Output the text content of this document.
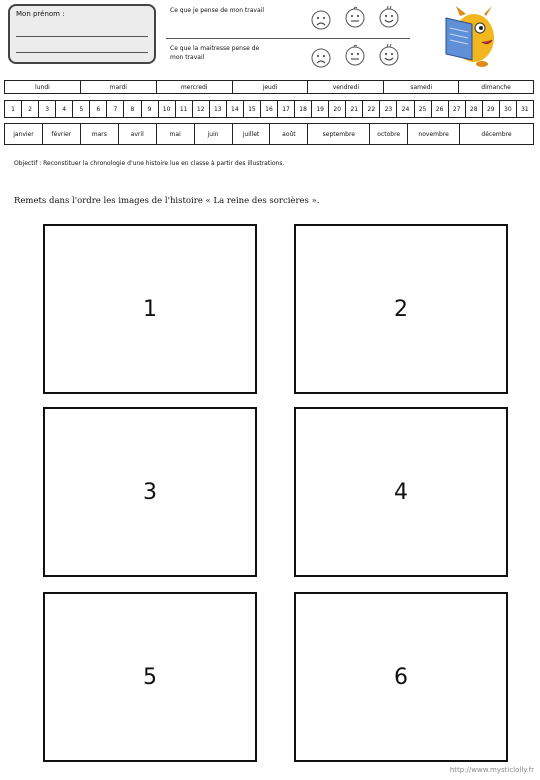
Mon prénom :	Ce que je pense de mon travail
Ce que la maitresse pense de
mon travail
lundi	mardi	mercredi	jeudi	vendredi	samedi	dimanche
1	2	3	4	5	6	7	8	9	10	11	12	13	14	15	16	17	18	19	20	21	22	23	24	25	26	27	28	29	30	31
janvier	février	mars	avril	mai	juin	juillet	août	septembre	octobre	novembre	décembre
Objectif : Reconstituer la chronologie d'une histoire lue en classe à partir des illustrations.
Remets dans l'ordre les images de l'histoire « La reine des sorcières ».
1	2
3	4
5	6
http://www.mysticlolly.fr
